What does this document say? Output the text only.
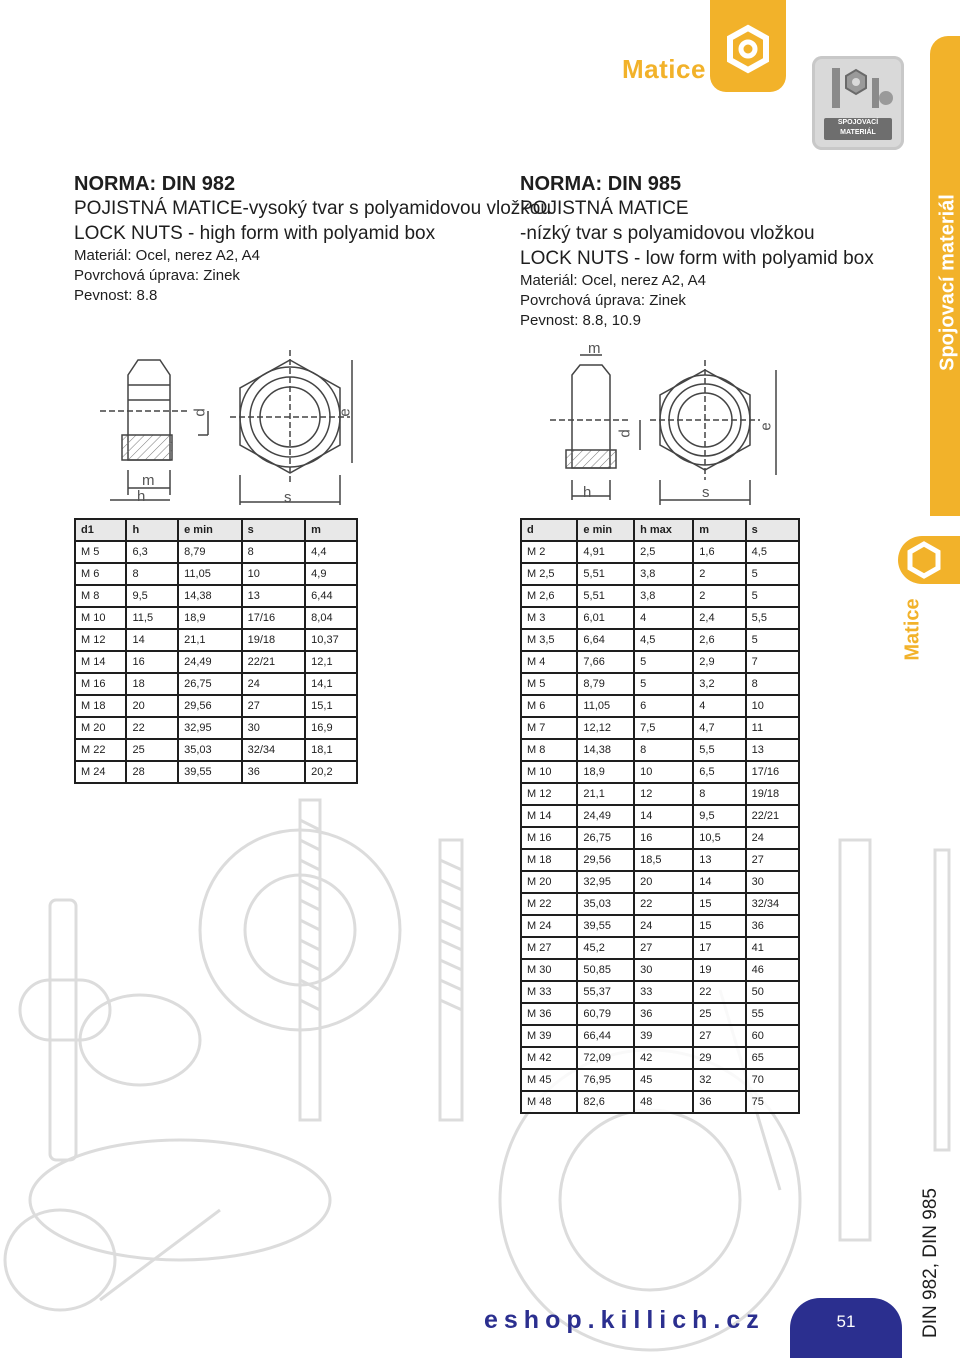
Matice
SPOJOVACÍ MATERIÁL
Spojovací materiál
Matice
NORMA: DIN 982
POJISTNÁ MATICE-vysoký tvar s polyamidovou vložkou
LOCK NUTS - high form with polyamid box
Materiál: Ocel, nerez A2, A4
Povrchová úprava: Zinek
Pevnost: 8.8
NORMA: DIN 985
POJISTNÁ MATICE
-nízký tvar s polyamidovou vložkou
LOCK NUTS - low form with polyamid box
Materiál: Ocel, nerez A2, A4
Povrchová úprava: Zinek
Pevnost: 8.8, 10.9
m
h
d	e
s
m
h
d
e
s
d1	h	e min	s	m
M 5	6,3	8,79	8	4,4
M 6	8	11,05	10	4,9
M 8	9,5	14,38	13	6,44
M 10	11,5	18,9	17/16	8,04
M 12	14	21,1	19/18	10,37
M 14	16	24,49	22/21	12,1
M 16	18	26,75	24	14,1
M 18	20	29,56	27	15,1
M 20	22	32,95	30	16,9
M 22	25	35,03	32/34	18,1
M 24	28	39,55	36	20,2
d	e min	h max	m	s
M 2	4,91	2,5	1,6	4,5
M 2,5	5,51	3,8	2	5
M 2,6	5,51	3,8	2	5
M 3	6,01	4	2,4	5,5
M 3,5	6,64	4,5	2,6	5
M 4	7,66	5	2,9	7
M 5	8,79	5	3,2	8
M 6	11,05	6	4	10
M 7	12,12	7,5	4,7	11
M 8	14,38	8	5,5	13
M 10	18,9	10	6,5	17/16
M 12	21,1	12	8	19/18
M 14	24,49	14	9,5	22/21
M 16	26,75	16	10,5	24
M 18	29,56	18,5	13	27
M 20	32,95	20	14	30
M 22	35,03	22	15	32/34
M 24	39,55	24	15	36
M 27	45,2	27	17	41
M 30	50,85	30	19	46
M 33	55,37	33	22	50
M 36	60,79	36	25	55
M 39	66,44	39	27	60
M 42	72,09	42	29	65
M 45	76,95	45	32	70
M 48	82,6	48	36	75
eshop.killich.cz	51	DIN 982, DIN 985
